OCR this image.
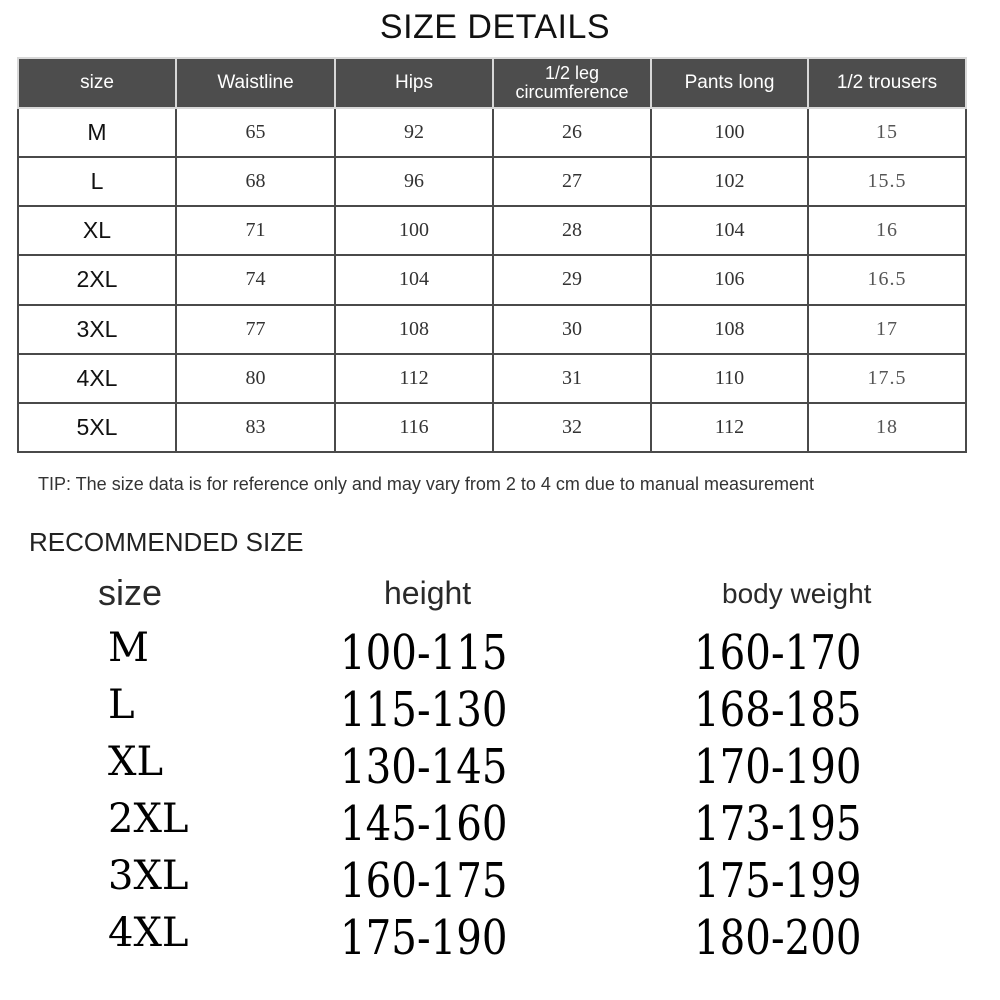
SIZE DETAILS
size	Waistline	Hips	1/2 leg circumference	Pants long	1/2 trousers
M	65	92	26	100	15
L	68	96	27	102	15.5
XL	71	100	28	104	16
2XL	74	104	29	106	16.5
3XL	77	108	30	108	17
4XL	80	112	31	110	17.5
5XL	83	116	32	112	18
TIP: The size data is for reference only and may vary from 2 to 4 cm due to manual measurement
RECOMMENDED SIZE
size	height	body weight
M	100-115	160-170
L	115-130	168-185
XL	130-145	170-190
2XL	145-160	173-195
3XL	160-175	175-199
4XL	175-190	180-200
